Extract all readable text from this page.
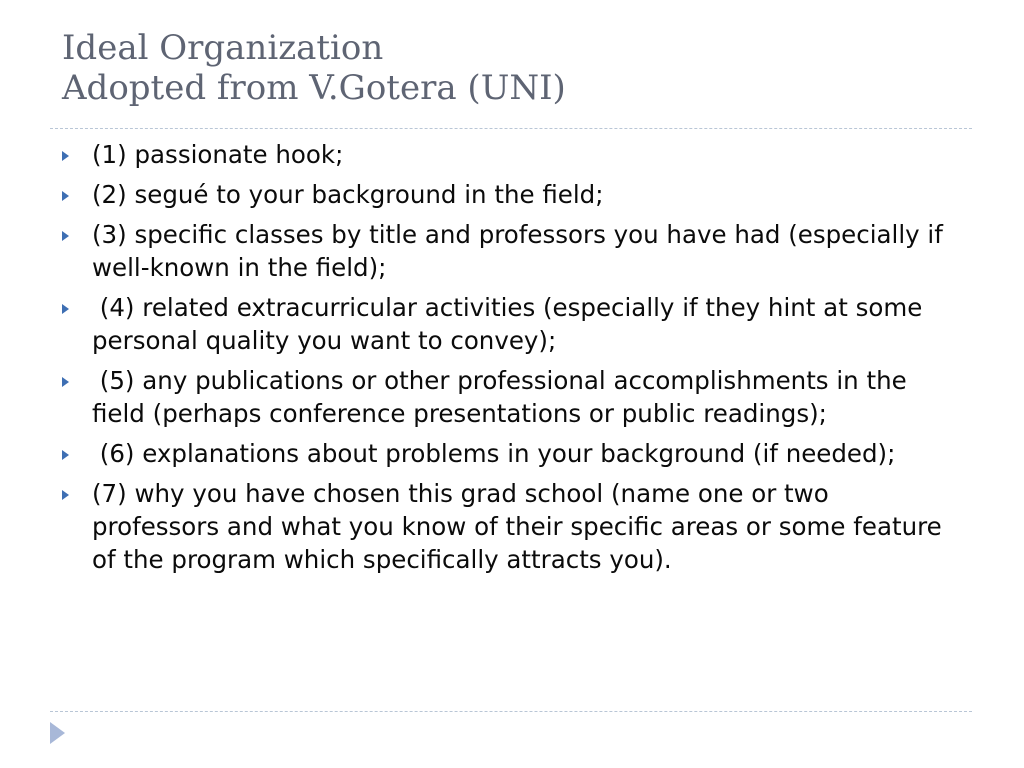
Ideal Organization
Adopted from V.Gotera (UNI)
(1) passionate hook;
(2) segué to your background in the field;
(3) specific classes by title and professors you have had (especially if well-known in the field);
(4) related extracurricular activities (especially if they hint at some personal quality you want to convey);
(5) any publications or other professional accomplishments in the field (perhaps conference presentations or public readings);
(6) explanations about problems in your background (if needed);
(7) why you have chosen this grad school (name one or two professors and what you know of their specific areas or some feature of the program which specifically attracts you).
